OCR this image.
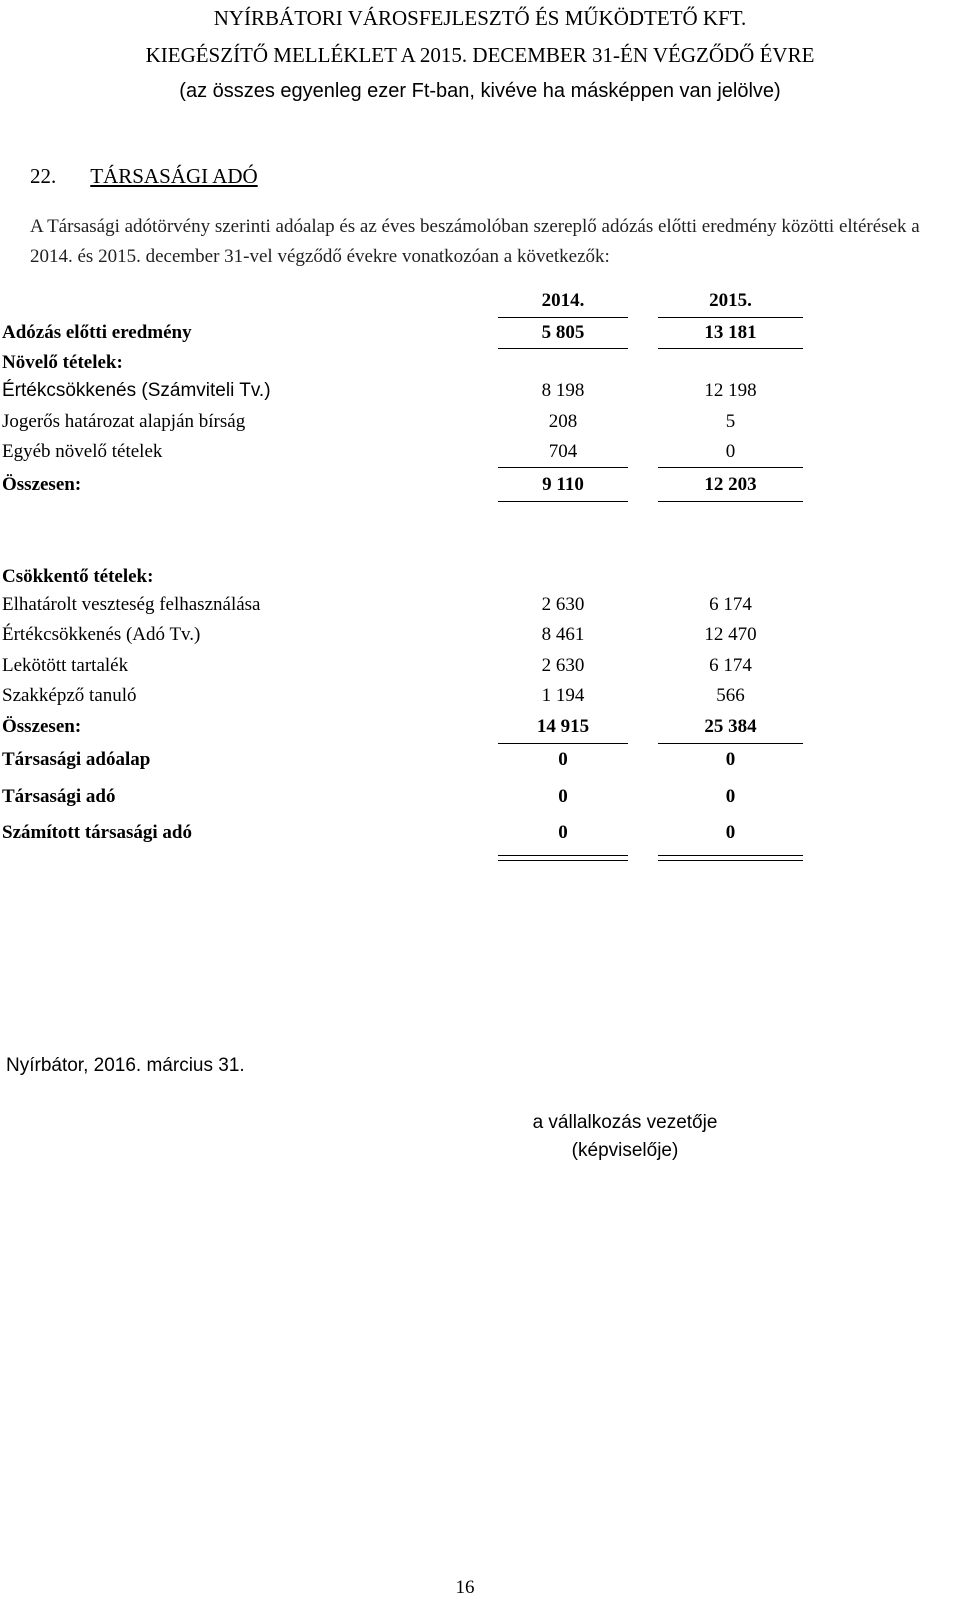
NYÍRBÁTORI VÁROSFEJLESZTŐ ÉS MŰKÖDTETŐ KFT.
KIEGÉSZÍTŐ MELLÉKLET A 2015. DECEMBER 31-ÉN VÉGZŐDŐ ÉVRE
(az összes egyenleg ezer Ft-ban, kivéve ha másképpen van jelölve)
22. TÁRSASÁGI ADÓ
A Társasági adótörvény szerinti adóalap és az éves beszámolóban szereplő adózás előtti eredmény közötti eltérések a 2014. és 2015. december 31-vel végződő évekre vonatkozóan a következők:
2014.	2015.
Adózás előtti eredmény	5 805	13 181
Növelő tételek:
Értékcsökkenés (Számviteli Tv.)	8 198	12 198
Jogerős határozat alapján bírság	208	5
Egyéb növelő tételek	704	0
Összesen:	9 110	12 203
Csökkentő tételek:
Elhatárolt veszteség felhasználása	2 630	6 174
Értékcsökkenés (Adó Tv.)	8 461	12 470
Lekötött tartalék	2 630	6 174
Szakképző tanuló	1 194	566
Összesen:	14 915	25 384
Társasági adóalap	0	0
Társasági adó	0	0
Számított társasági adó	0	0
Nyírbátor, 2016. március 31.
a vállalkozás vezetője
(képviselője)
16
